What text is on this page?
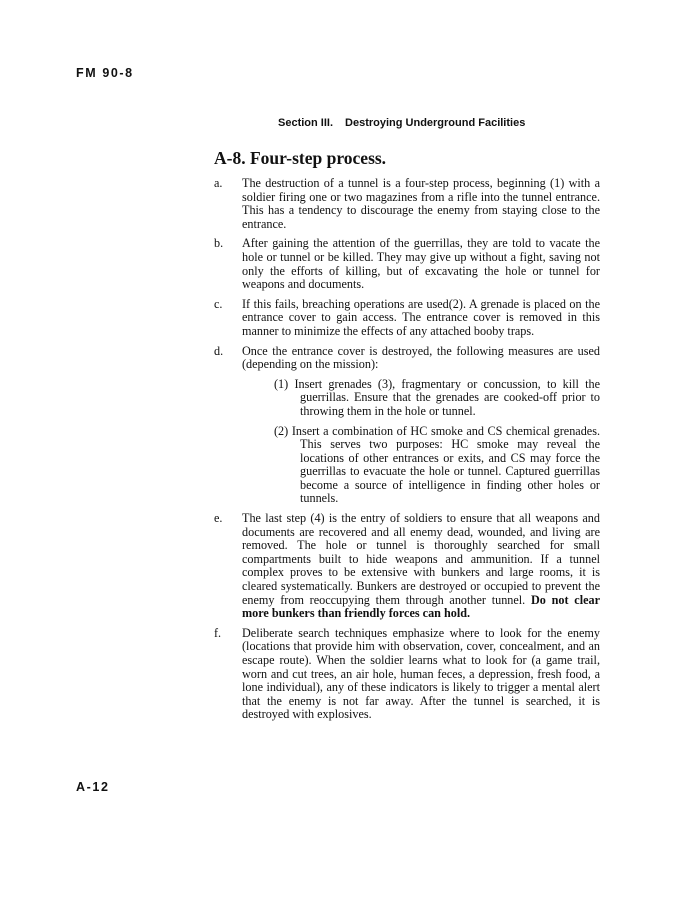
FM 90-8
Section III. Destroying Underground Facilities
A-8. Four-step process.
a. The destruction of a tunnel is a four-step process, beginning (1) with a soldier firing one or two magazines from a rifle into the tunnel entrance. This has a tendency to discourage the enemy from staying close to the entrance.
b. After gaining the attention of the guerrillas, they are told to vacate the hole or tunnel or be killed. They may give up without a fight, saving not only the efforts of killing, but of excavating the hole or tunnel for weapons and documents.
c. If this fails, breaching operations are used(2). A grenade is placed on the entrance cover to gain access. The entrance cover is removed in this manner to minimize the effects of any attached booby traps.
d. Once the entrance cover is destroyed, the following measures are used (depending on the mission):
(1) Insert grenades (3), fragmentary or concussion, to kill the guerrillas. Ensure that the grenades are cooked-off prior to throwing them in the hole or tunnel.
(2) Insert a combination of HC smoke and CS chemical grenades. This serves two purposes: HC smoke may reveal the locations of other entrances or exits, and CS may force the guerrillas to evacuate the hole or tunnel. Captured guerrillas become a source of intelligence in finding other holes or tunnels.
e. The last step (4) is the entry of soldiers to ensure that all weapons and documents are recovered and all enemy dead, wounded, and living are removed. The hole or tunnel is thoroughly searched for small compartments built to hide weapons and ammunition. If a tunnel complex proves to be extensive with bunkers and large rooms, it is cleared systematically. Bunkers are destroyed or occupied to prevent the enemy from reoccupying them through another tunnel. Do not clear more bunkers than friendly forces can hold.
f. Deliberate search techniques emphasize where to look for the enemy (locations that provide him with observation, cover, concealment, and an escape route). When the soldier learns what to look for (a game trail, worn and cut trees, an air hole, human feces, a depression, fresh food, a lone individual), any of these indicators is likely to trigger a mental alert that the enemy is not far away. After the tunnel is searched, it is destroyed with explosives.
A-12
